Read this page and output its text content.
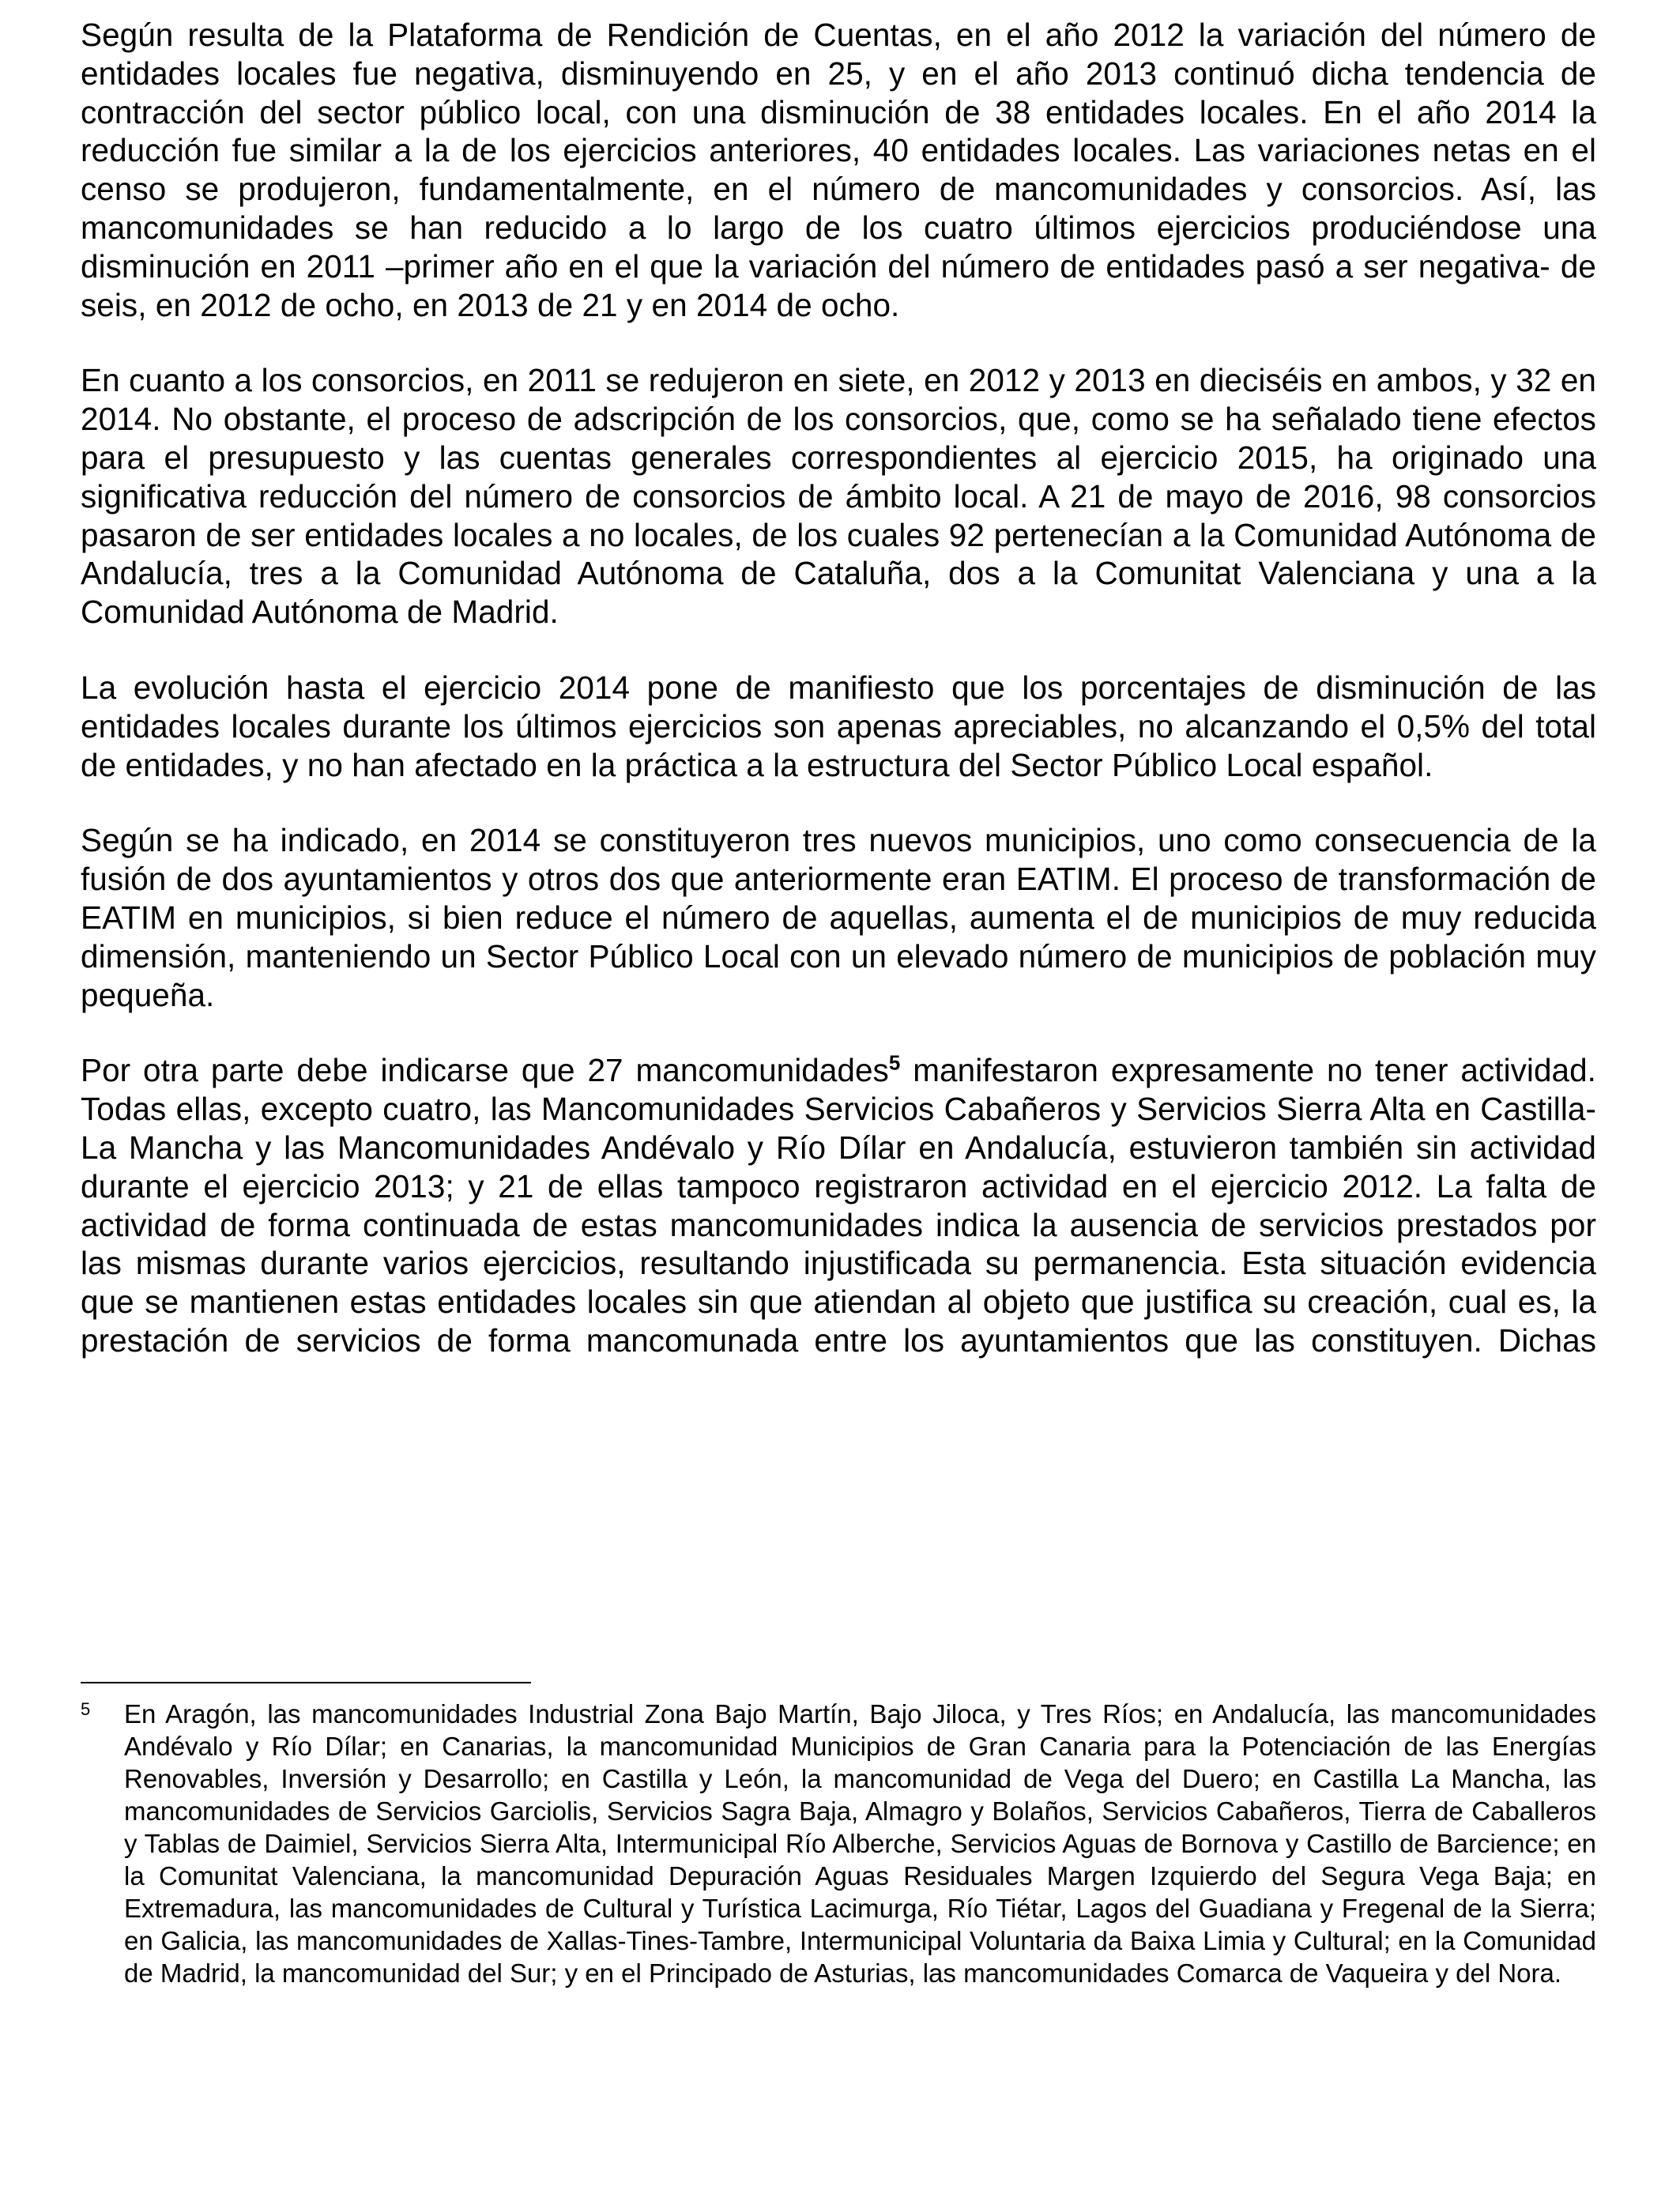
Según resulta de la Plataforma de Rendición de Cuentas, en el año 2012 la variación del número de entidades locales fue negativa, disminuyendo en 25, y en el año 2013 continuó dicha tendencia de contracción del sector público local, con una disminución de 38 entidades locales. En el año 2014 la reducción fue similar a la de los ejercicios anteriores, 40 entidades locales. Las variaciones netas en el censo se produjeron, fundamentalmente, en el número de mancomunidades y consorcios. Así, las mancomunidades se han reducido a lo largo de los cuatro últimos ejercicios produciéndose una disminución en 2011 –primer año en el que la variación del número de entidades pasó a ser negativa- de seis, en 2012 de ocho, en 2013 de 21 y en 2014 de ocho.

En cuanto a los consorcios, en 2011 se redujeron en siete, en 2012 y 2013 en dieciséis en ambos, y 32 en 2014. No obstante, el proceso de adscripción de los consorcios, que, como se ha señalado tiene efectos para el presupuesto y las cuentas generales correspondientes al ejercicio 2015, ha originado una significativa reducción del número de consorcios de ámbito local. A 21 de mayo de 2016, 98 consorcios pasaron de ser entidades locales a no locales, de los cuales 92 pertenecían a la Comunidad Autónoma de Andalucía, tres a la Comunidad Autónoma de Cataluña, dos a la Comunitat Valenciana y una a la Comunidad Autónoma de Madrid.

La evolución hasta el ejercicio 2014 pone de manifiesto que los porcentajes de disminución de las entidades locales durante los últimos ejercicios son apenas apreciables, no alcanzando el 0,5% del total de entidades, y no han afectado en la práctica a la estructura del Sector Público Local español.

Según se ha indicado, en 2014 se constituyeron tres nuevos municipios, uno como consecuencia de la fusión de dos ayuntamientos y otros dos que anteriormente eran EATIM. El proceso de transformación de EATIM en municipios, si bien reduce el número de aquellas, aumenta el de municipios de muy reducida dimensión, manteniendo un Sector Público Local con un elevado número de municipios de población muy pequeña.

Por otra parte debe indicarse que 27 mancomunidades$^5$ manifestaron expresamente no tener actividad. Todas ellas, excepto cuatro, las Mancomunidades Servicios Cabañeros y Servicios Sierra Alta en Castilla-La Mancha y las Mancomunidades Andévalo y Río Dílar en Andalucía, estuvieron también sin actividad durante el ejercicio 2013; y 21 de ellas tampoco registraron actividad en el ejercicio 2012. La falta de actividad de forma continuada de estas mancomunidades indica la ausencia de servicios prestados por las mismas durante varios ejercicios, resultando injustificada su permanencia. Esta situación evidencia que se mantienen estas entidades locales sin que atiendan al objeto que justifica su creación, cual es, la prestación de servicios de forma mancomunada entre los ayuntamientos que las constituyen. Dichas

5 En Aragón, las mancomunidades Industrial Zona Bajo Martín, Bajo Jiloca, y Tres Ríos; en Andalucía, las mancomunidades Andévalo y Río Dílar; en Canarias, la mancomunidad Municipios de Gran Canaria para la Potenciación de las Energías Renovables, Inversión y Desarrollo; en Castilla y León, la mancomunidad de Vega del Duero; en Castilla La Mancha, las mancomunidades de Servicios Garciolis, Servicios Sagra Baja, Almagro y Bolaños, Servicios Cabañeros, Tierra de Caballeros y Tablas de Daimiel, Servicios Sierra Alta, Intermunicipal Río Alberche, Servicios Aguas de Bornova y Castillo de Barcience; en la Comunitat Valenciana, la mancomunidad Depuración Aguas Residuales Margen Izquierdo del Segura Vega Baja; en Extremadura, las mancomunidades de Cultural y Turística Lacimurga, Río Tiétar, Lagos del Guadiana y Fregenal de la Sierra; en Galicia, las mancomunidades de Xallas-Tines-Tambre, Intermunicipal Voluntaria da Baixa Limia y Cultural; en la Comunidad de Madrid, la mancomunidad del Sur; y en el Principado de Asturias, las mancomunidades Comarca de Vaqueira y del Nora.
